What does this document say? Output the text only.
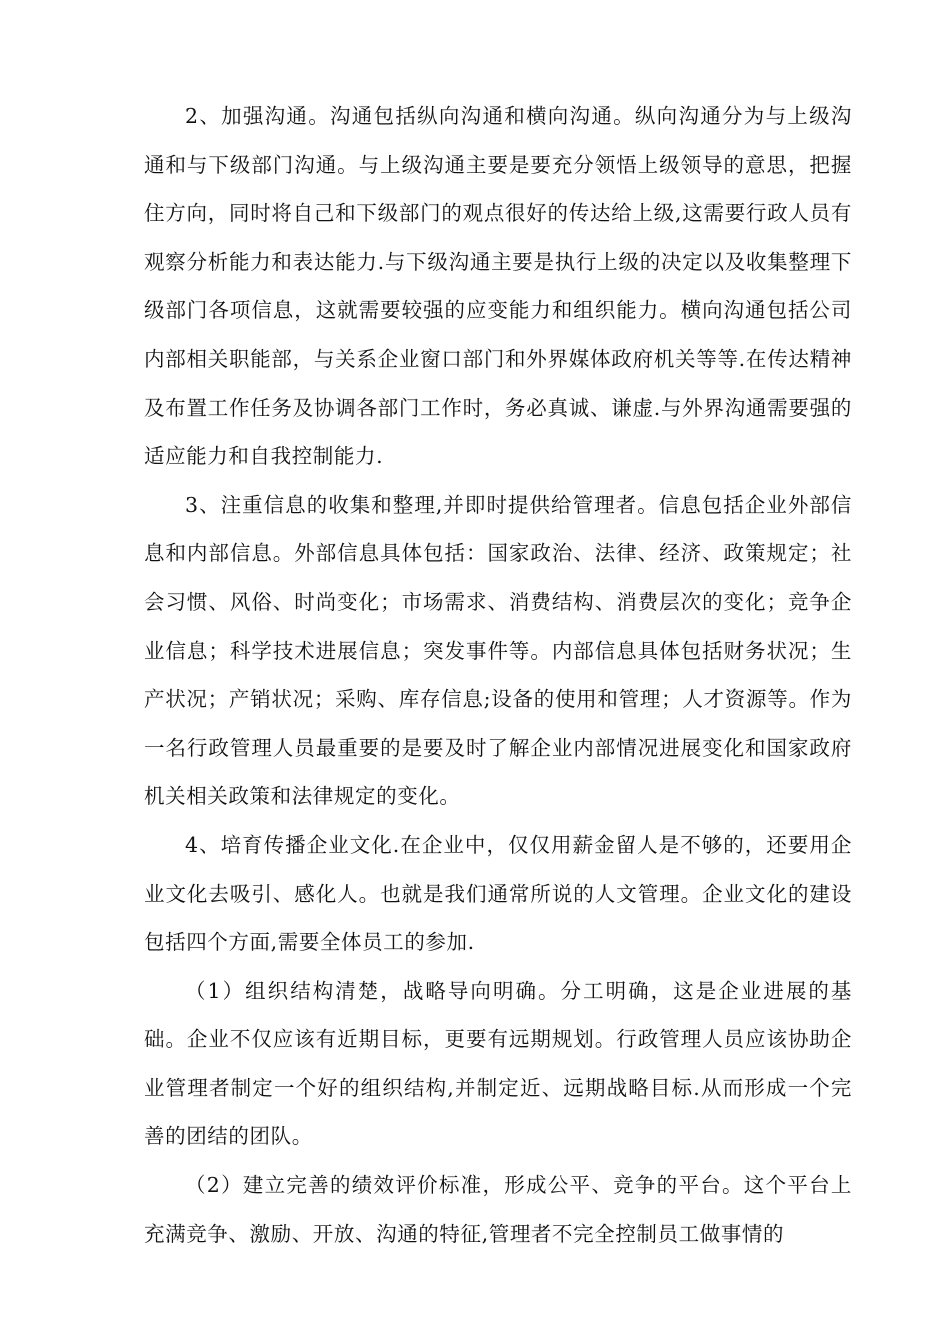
2、加强沟通。沟通包括纵向沟通和横向沟通。纵向沟通分为与上级沟通和与下级部门沟通。与上级沟通主要是要充分领悟上级领导的意思，把握住方向，同时将自己和下级部门的观点很好的传达给上级,这需要行政人员有观察分析能力和表达能力.与下级沟通主要是执行上级的决定以及收集整理下级部门各项信息，这就需要较强的应变能力和组织能力。横向沟通包括公司内部相关职能部，与关系企业窗口部门和外界媒体政府机关等等.在传达精神及布置工作任务及协调各部门工作时，务必真诚、谦虚.与外界沟通需要强的适应能力和自我控制能力.

3、注重信息的收集和整理,并即时提供给管理者。信息包括企业外部信息和内部信息。外部信息具体包括：国家政治、法律、经济、政策规定；社会习惯、风俗、时尚变化；市场需求、消费结构、消费层次的变化；竞争企业信息；科学技术进展信息；突发事件等。内部信息具体包括财务状况；生产状况；产销状况；采购、库存信息;设备的使用和管理；人才资源等。作为一名行政管理人员最重要的是要及时了解企业内部情况进展变化和国家政府机关相关政策和法律规定的变化。

4、培育传播企业文化.在企业中，仅仅用薪金留人是不够的，还要用企业文化去吸引、感化人。也就是我们通常所说的人文管理。企业文化的建设包括四个方面,需要全体员工的参加.

（1）组织结构清楚，战略导向明确。分工明确，这是企业进展的基础。企业不仅应该有近期目标，更要有远期规划。行政管理人员应该协助企业管理者制定一个好的组织结构,并制定近、远期战略目标.从而形成一个完善的团结的团队。

（2）建立完善的绩效评价标准，形成公平、竞争的平台。这个平台上充满竞争、激励、开放、沟通的特征,管理者不完全控制员工做事情的
